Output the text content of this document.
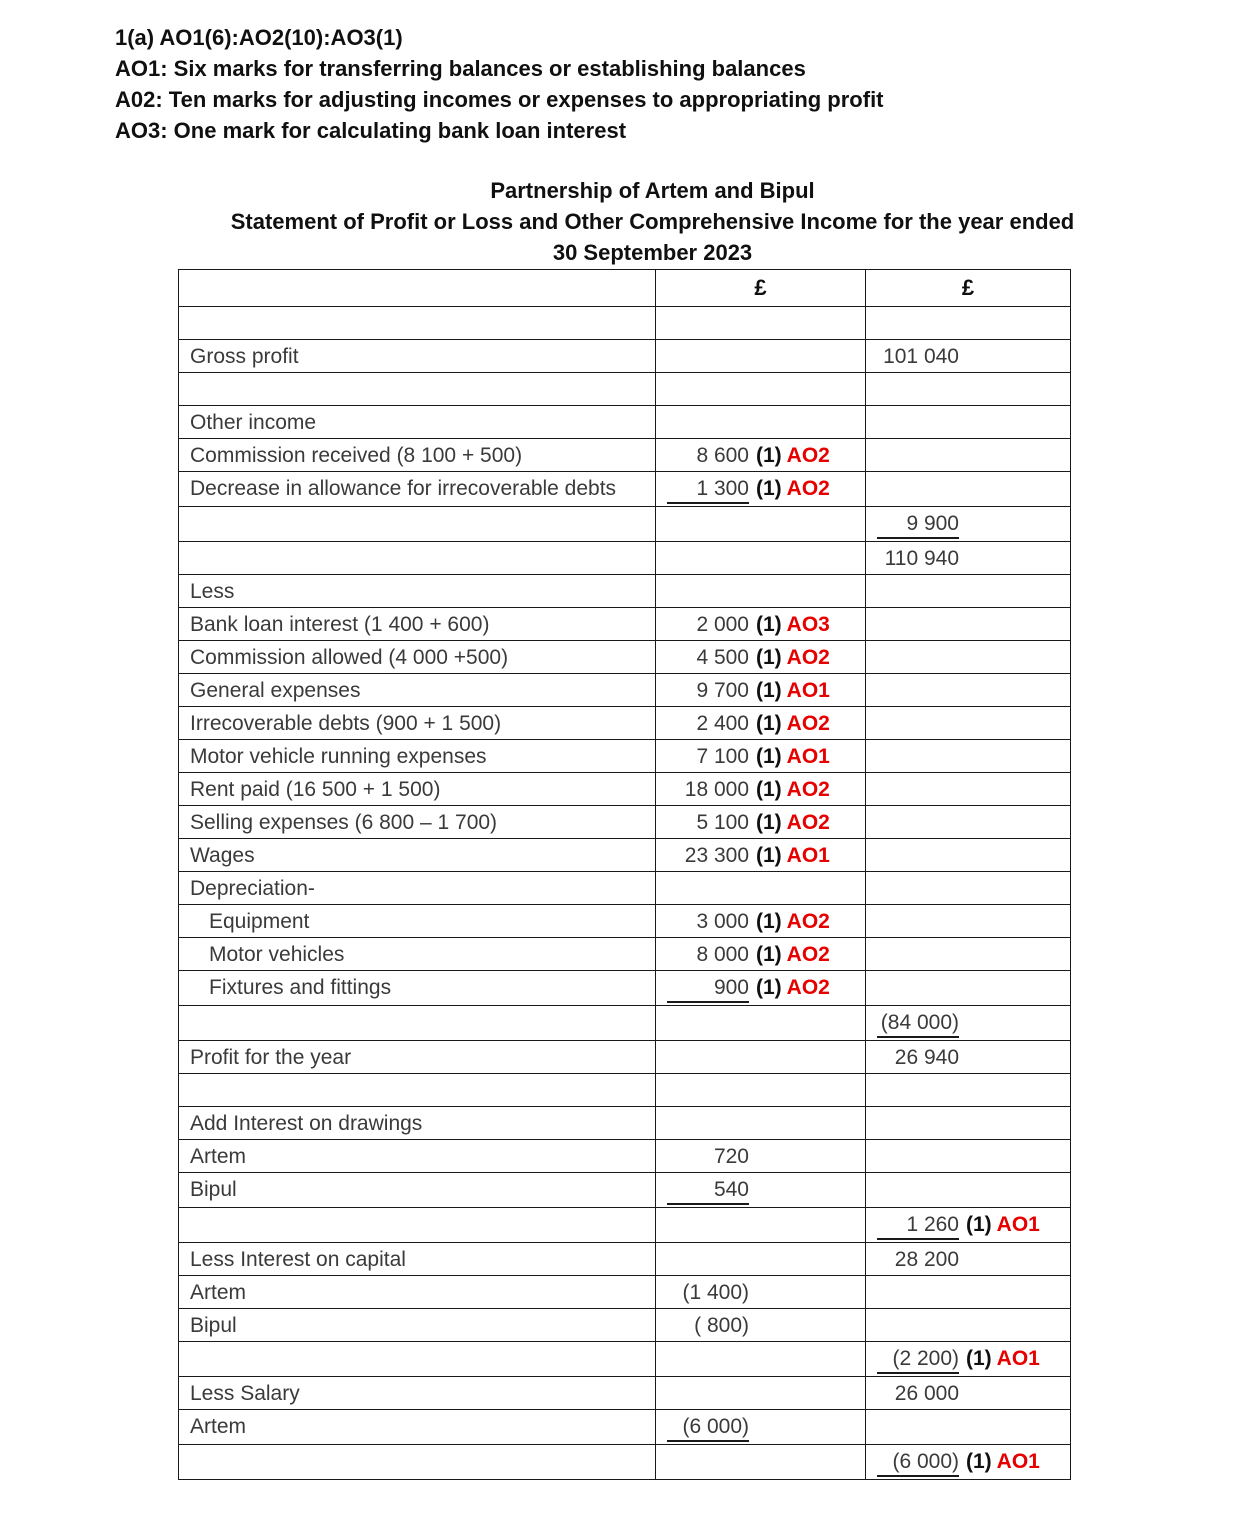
1(a) AO1(6):AO2(10):AO3(1)
AO1: Six marks for transferring balances or establishing balances
A02: Ten marks for adjusting incomes or expenses to appropriating profit
AO3: One mark for calculating bank loan interest
Partnership of Artem and Bipul
Statement of Profit or Loss and Other Comprehensive Income for the year ended
30 September 2023
	£	£

Gross profit		101 040

Other income		
Commission received (8 100 + 500)	8 600 (1) AO2	
Decrease in allowance for irrecoverable debts	1 300 (1) AO2	
		9 900
		110 940
Less		
Bank loan interest (1 400 + 600)	2 000 (1) AO3	
Commission allowed (4 000 +500)	4 500 (1) AO2	
General expenses	9 700 (1) AO1	
Irrecoverable debts (900 + 1 500)	2 400 (1) AO2	
Motor vehicle running expenses	7 100 (1) AO1	
Rent paid (16 500 + 1 500)	18 000 (1) AO2	
Selling expenses (6 800 – 1 700)	5 100 (1) AO2	
Wages	23 300 (1) AO1	
Depreciation-		
Equipment	3 000 (1) AO2	
Motor vehicles	8 000 (1) AO2	
Fixtures and fittings	900 (1) AO2	
		(84 000)
Profit for the year		26 940

Add Interest on drawings		
Artem	720	
Bipul	540	
		1 260 (1) AO1
Less Interest on capital		28 200
Artem	(1 400)	
Bipul	( 800)	
		(2 200) (1) AO1
Less Salary		26 000
Artem	(6 000)	
		(6 000) (1) AO1
